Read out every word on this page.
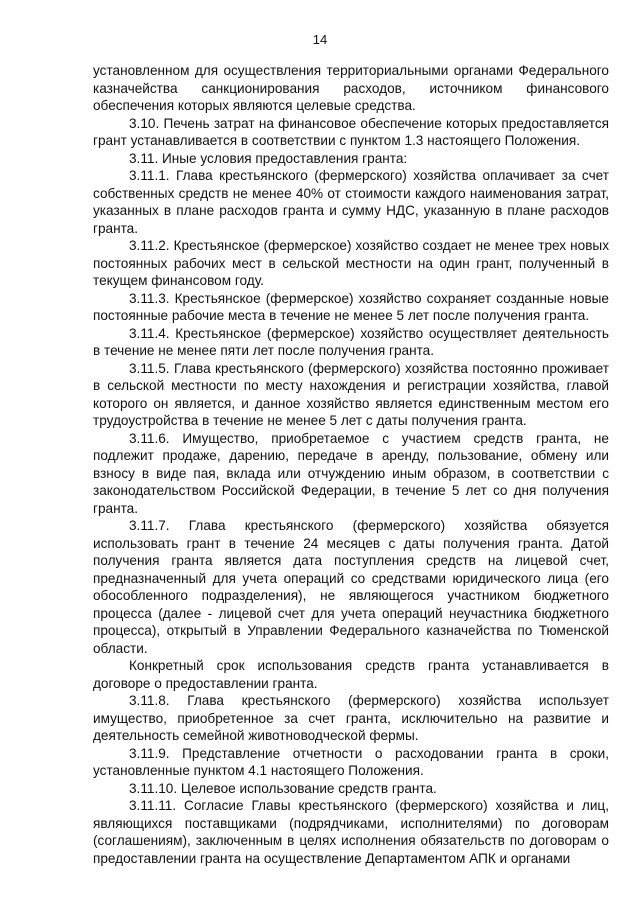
14

установленном для осуществления территориальными органами Федерального казначейства санкционирования расходов, источником финансового обеспечения которых являются целевые средства.

3.10. Печень затрат на финансовое обеспечение которых предоставляется грант устанавливается в соответствии с пунктом 1.3 настоящего Положения.

3.11. Иные условия предоставления гранта:

3.11.1. Глава крестьянского (фермерского) хозяйства оплачивает за счет собственных средств не менее 40% от стоимости каждого наименования затрат, указанных в плане расходов гранта и сумму НДС, указанную в плане расходов гранта.

3.11.2. Крестьянское (фермерское) хозяйство создает не менее трех новых постоянных рабочих мест в сельской местности на один грант, полученный в текущем финансовом году.

3.11.3. Крестьянское (фермерское) хозяйство сохраняет созданные новые постоянные рабочие места в течение не менее 5 лет после получения гранта.

3.11.4. Крестьянское (фермерское) хозяйство осуществляет деятельность в течение не менее пяти лет после получения гранта.

3.11.5. Глава крестьянского (фермерского) хозяйства постоянно проживает в сельской местности по месту нахождения и регистрации хозяйства, главой которого он является, и данное хозяйство является единственным местом его трудоустройства в течение не менее 5 лет с даты получения гранта.

3.11.6. Имущество, приобретаемое с участием средств гранта, не подлежит продаже, дарению, передаче в аренду, пользование, обмену или взносу в виде пая, вклада или отчуждению иным образом, в соответствии с законодательством Российской Федерации, в течение 5 лет со дня получения гранта.

3.11.7. Глава крестьянского (фермерского) хозяйства обязуется использовать грант в течение 24 месяцев с даты получения гранта. Датой получения гранта является дата поступления средств на лицевой счет, предназначенный для учета операций со средствами юридического лица (его обособленного подразделения), не являющегося участником бюджетного процесса (далее - лицевой счет для учета операций неучастника бюджетного процесса), открытый в Управлении Федерального казначейства по Тюменской области.

Конкретный срок использования средств гранта устанавливается в договоре о предоставлении гранта.

3.11.8. Глава крестьянского (фермерского) хозяйства использует имущество, приобретенное за счет гранта, исключительно на развитие и деятельность семейной животноводческой фермы.

3.11.9. Представление отчетности о расходовании гранта в сроки, установленные пунктом 4.1 настоящего Положения.

3.11.10. Целевое использование средств гранта.

3.11.11. Согласие Главы крестьянского (фермерского) хозяйства и лиц, являющихся поставщиками (подрядчиками, исполнителями) по договорам (соглашениям), заключенным в целях исполнения обязательств по договорам о предоставлении гранта на осуществление Департаментом АПК и органами
